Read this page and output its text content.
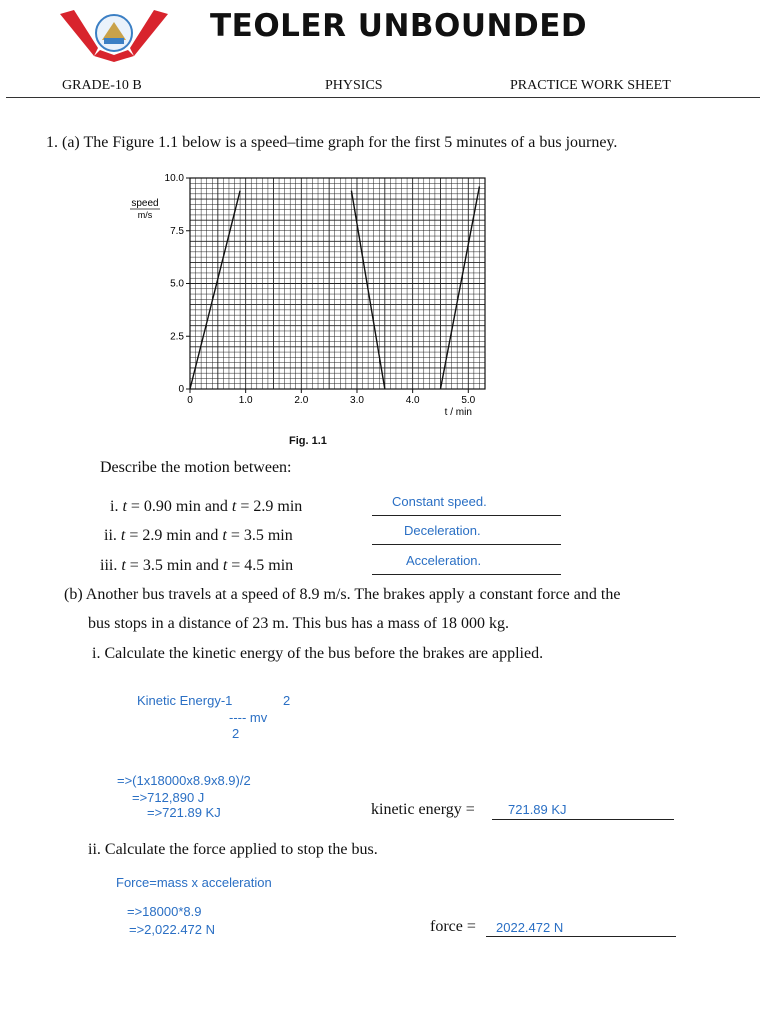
TEOLER UNBOUNDED
GRADE-10 B	PHYSICS	PRACTICE WORK SHEET
1. (a) The Figure 1.1 below is a speed–time graph for the first 5 minutes of a bus journey.
0	1.0	2.0	3.0	4.0	5.0
0
2.5
5.0
7.5
10.0
speed
m/s
t / min
Fig. 1.1
Describe the motion between:
i. t = 0.90 min and t = 2.9 min	Constant speed.
ii. t = 2.9 min and t = 3.5 min	Deceleration.
iii. t = 3.5 min and t = 4.5 min	Acceleration.
(b) Another bus travels at a speed of 8.9 m/s. The brakes apply a constant force and the
bus stops in a distance of 23 m. This bus has a mass of 18 000 kg.
i. Calculate the kinetic energy of the bus before the brakes are applied.
Kinetic Energy-1	2
---- mv
2
=>(1x18000x8.9x8.9)/2
=>712,890 J
=>721.89 KJ	kinetic energy =	721.89 KJ
ii. Calculate the force applied to stop the bus.
Force=mass x acceleration
=>18000*8.9
=>2,022.472 N	force = 2022.472 N
